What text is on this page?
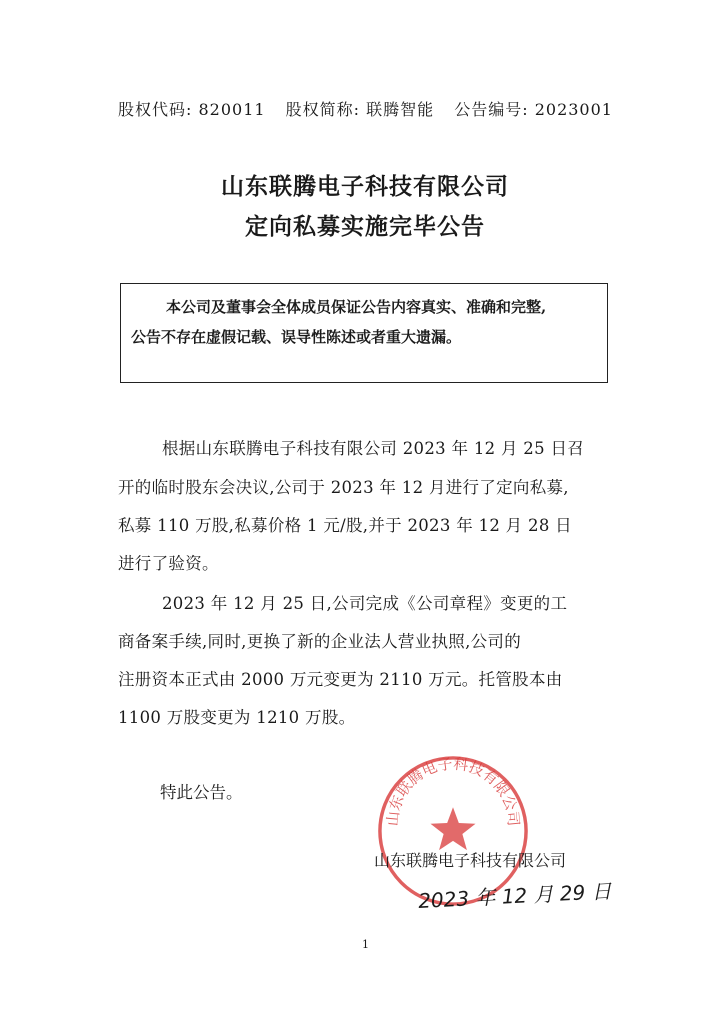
股权代码: 820011 股权简称: 联腾智能 公告编号: 2023001
山东联腾电子科技有限公司
定向私募实施完毕公告
本公司及董事会全体成员保证公告内容真实、准确和完整,
公告不存在虚假记载、误导性陈述或者重大遗漏。
根据山东联腾电子科技有限公司 2023 年 12 月 25 日召
开的临时股东会决议,公司于 2023 年 12 月进行了定向私募,
私募 110 万股,私募价格 1 元/股,并于 2023 年 12 月 28 日
进行了验资。
2023 年 12 月 25 日,公司完成《公司章程》变更的工
商备案手续,同时,更换了新的企业法人营业执照,公司的
注册资本正式由 2000 万元变更为 2110 万元。托管股本由
1100 万股变更为 1210 万股。
特此公告。
山东联腾电子科技有限公司
山东联腾电子科技有限公司
2023 年 12 月 29 日
1
